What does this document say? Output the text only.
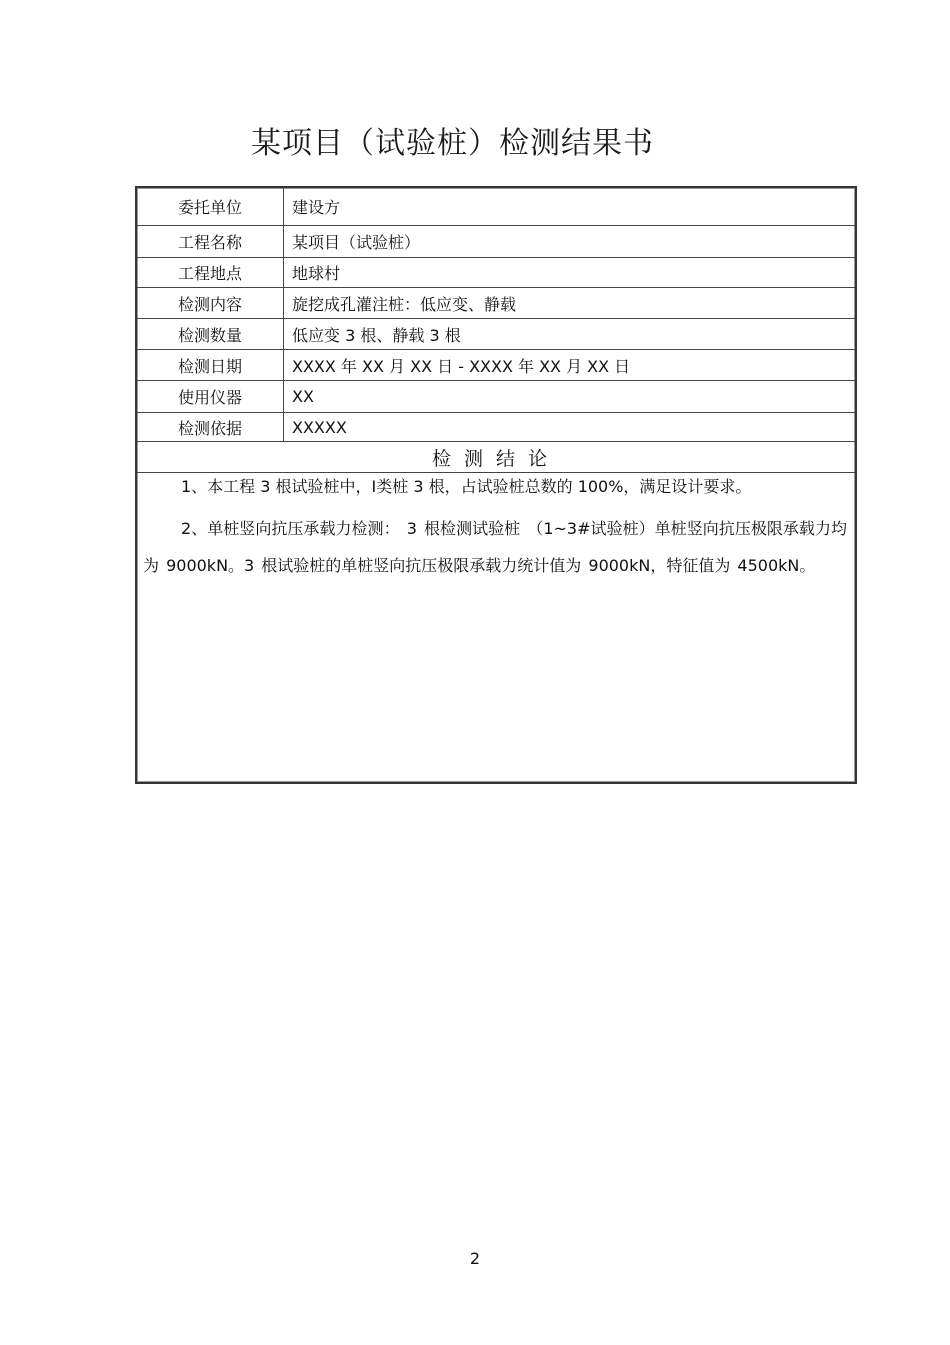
某项目（试验桩）检测结果书
委托单位	建设方
工程名称	某项目（试验桩）
工程地点	地球村
检测内容	旋挖成孔灌注桩：低应变、静载
检测数量	低应变 3 根、静载 3 根
检测日期	XXXX 年 XX 月 XX 日 - XXXX 年 XX 月 XX 日
使用仪器	XX
检测依据	XXXXX
检测结论

1、本工程 3 根试验桩中，Ⅰ类桩 3 根，占试验桩总数的 100%，满足设计要求。

2、单桩竖向抗压承载力检测： 3 根检测试验桩 （1~3#试验桩）单桩竖向抗压极限承载力均为 9000kN。3 根试验桩的单桩竖向抗压极限承载力统计值为 9000kN，特征值为 4500kN。

2
